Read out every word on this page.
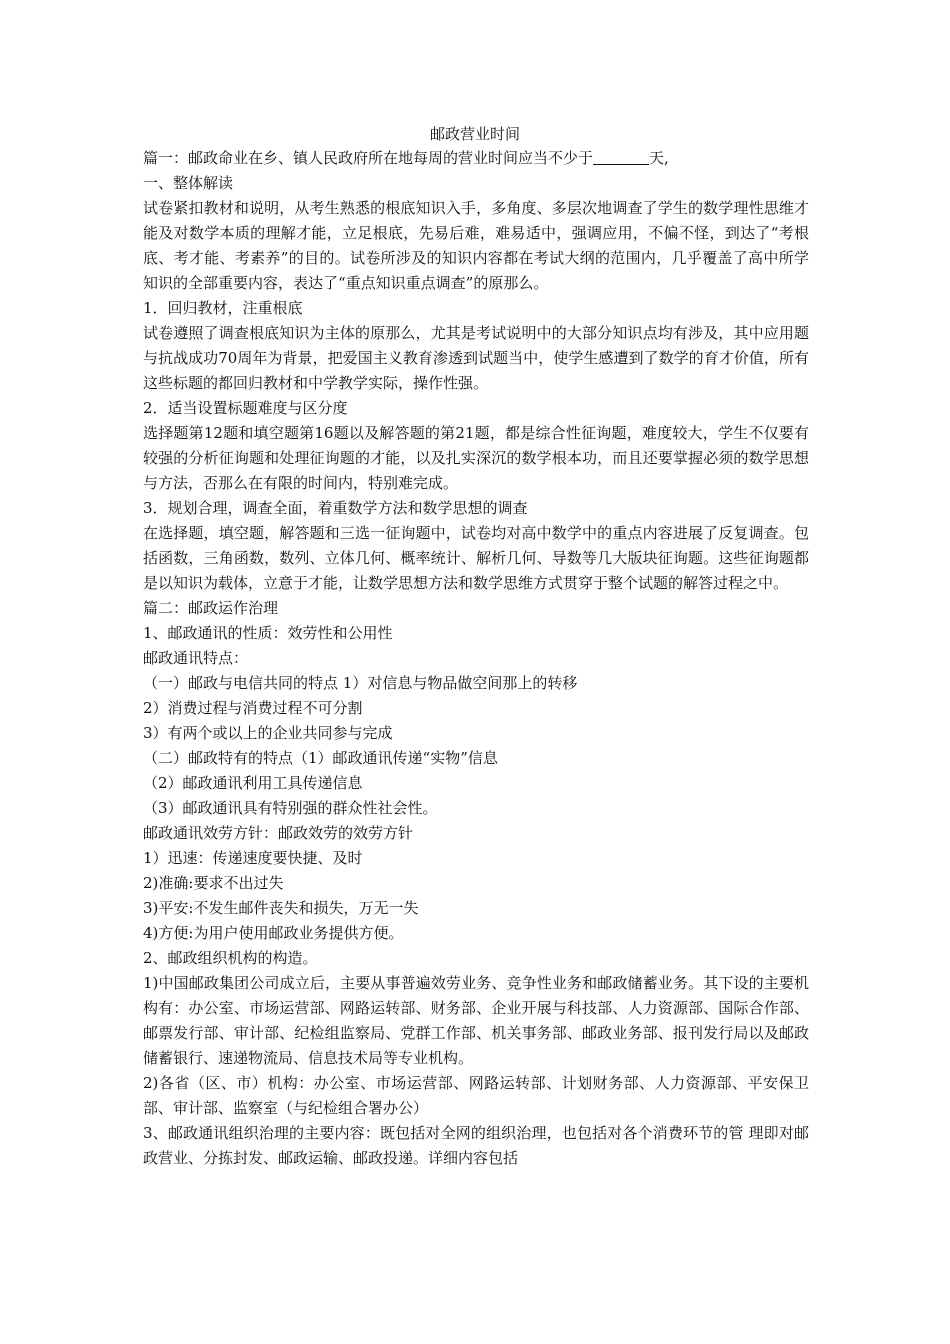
邮政营业时间

篇一：邮政命业在乡、镇人民政府所在地每周的营业时间应当不少于	天,

一、整体解读

试卷紧扣教材和说明，从考生熟悉的根底知识入手，多角度、多层次地调查了学生的数学理性思维才能及对数学本质的理解才能，立足根底，先易后难，难易适中，强调应用，不偏不怪，到达了“考根底、考才能、考素养”的目的。试卷所涉及的知识内容都在考试大纲的范围内，几乎覆盖了高中所学知识的全部重要内容，表达了“重点知识重点调查”的原那么。

1．回归教材，注重根底

试卷遵照了调查根底知识为主体的原那么，尤其是考试说明中的大部分知识点均有涉及，其中应用题与抗战成功70周年为背景，把爱国主义教育渗透到试题当中，使学生感遭到了数学的育才价值，所有这些标题的都回归教材和中学教学实际，操作性强。

2．适当设置标题难度与区分度

选择题第12题和填空题第16题以及解答题的第21题，都是综合性征询题，难度较大，学生不仅要有较强的分析征询题和处理征询题的才能，以及扎实深沉的数学根本功，而且还要掌握必须的数学思想与方法，否那么在有限的时间内，特别难完成。

3．规划合理，调查全面，着重数学方法和数学思想的调查

在选择题，填空题，解答题和三选一征询题中，试卷均对高中数学中的重点内容进展了反复调查。包括函数，三角函数，数列、立体几何、概率统计、解析几何、导数等几大版块征询题。这些征询题都是以知识为载体，立意于才能，让数学思想方法和数学思维方式贯穿于整个试题的解答过程之中。

篇二：邮政运作治理

1、邮政通讯的性质：效劳性和公用性

邮政通讯特点：

（一）邮政与电信共同的特点 1）对信息与物品做空间那上的转移

2）消费过程与消费过程不可分割

3）有两个或以上的企业共同参与完成

（二）邮政特有的特点（1）邮政通讯传递“实物”信息

（2）邮政通讯利用工具传递信息

（3）邮政通讯具有特别强的群众性社会性。

邮政通讯效劳方针：邮政效劳的效劳方针

1）迅速：传递速度要快捷、及时

2)准确:要求不出过失

3)平安:不发生邮件丧失和损失，万无一失

4)方便:为用户使用邮政业务提供方便。

2、邮政组织机构的构造。

1)中国邮政集团公司成立后，主要从事普遍效劳业务、竞争性业务和邮政储蓄业务。其下设的主要机构有：办公室、市场运营部、网路运转部、财务部、企业开展与科技部、人力资源部、国际合作部、邮票发行部、审计部、纪检组监察局、党群工作部、机关事务部、邮政业务部、报刊发行局以及邮政储蓄银行、速递物流局、信息技术局等专业机构。

2)各省（区、市）机构：办公室、市场运营部、网路运转部、计划财务部、人力资源部、平安保卫部、审计部、监察室（与纪检组合署办公）

3、邮政通讯组织治理的主要内容：既包括对全网的组织治理，也包括对各个消费环节的管 理即对邮政营业、分拣封发、邮政运输、邮政投递。详细内容包括
